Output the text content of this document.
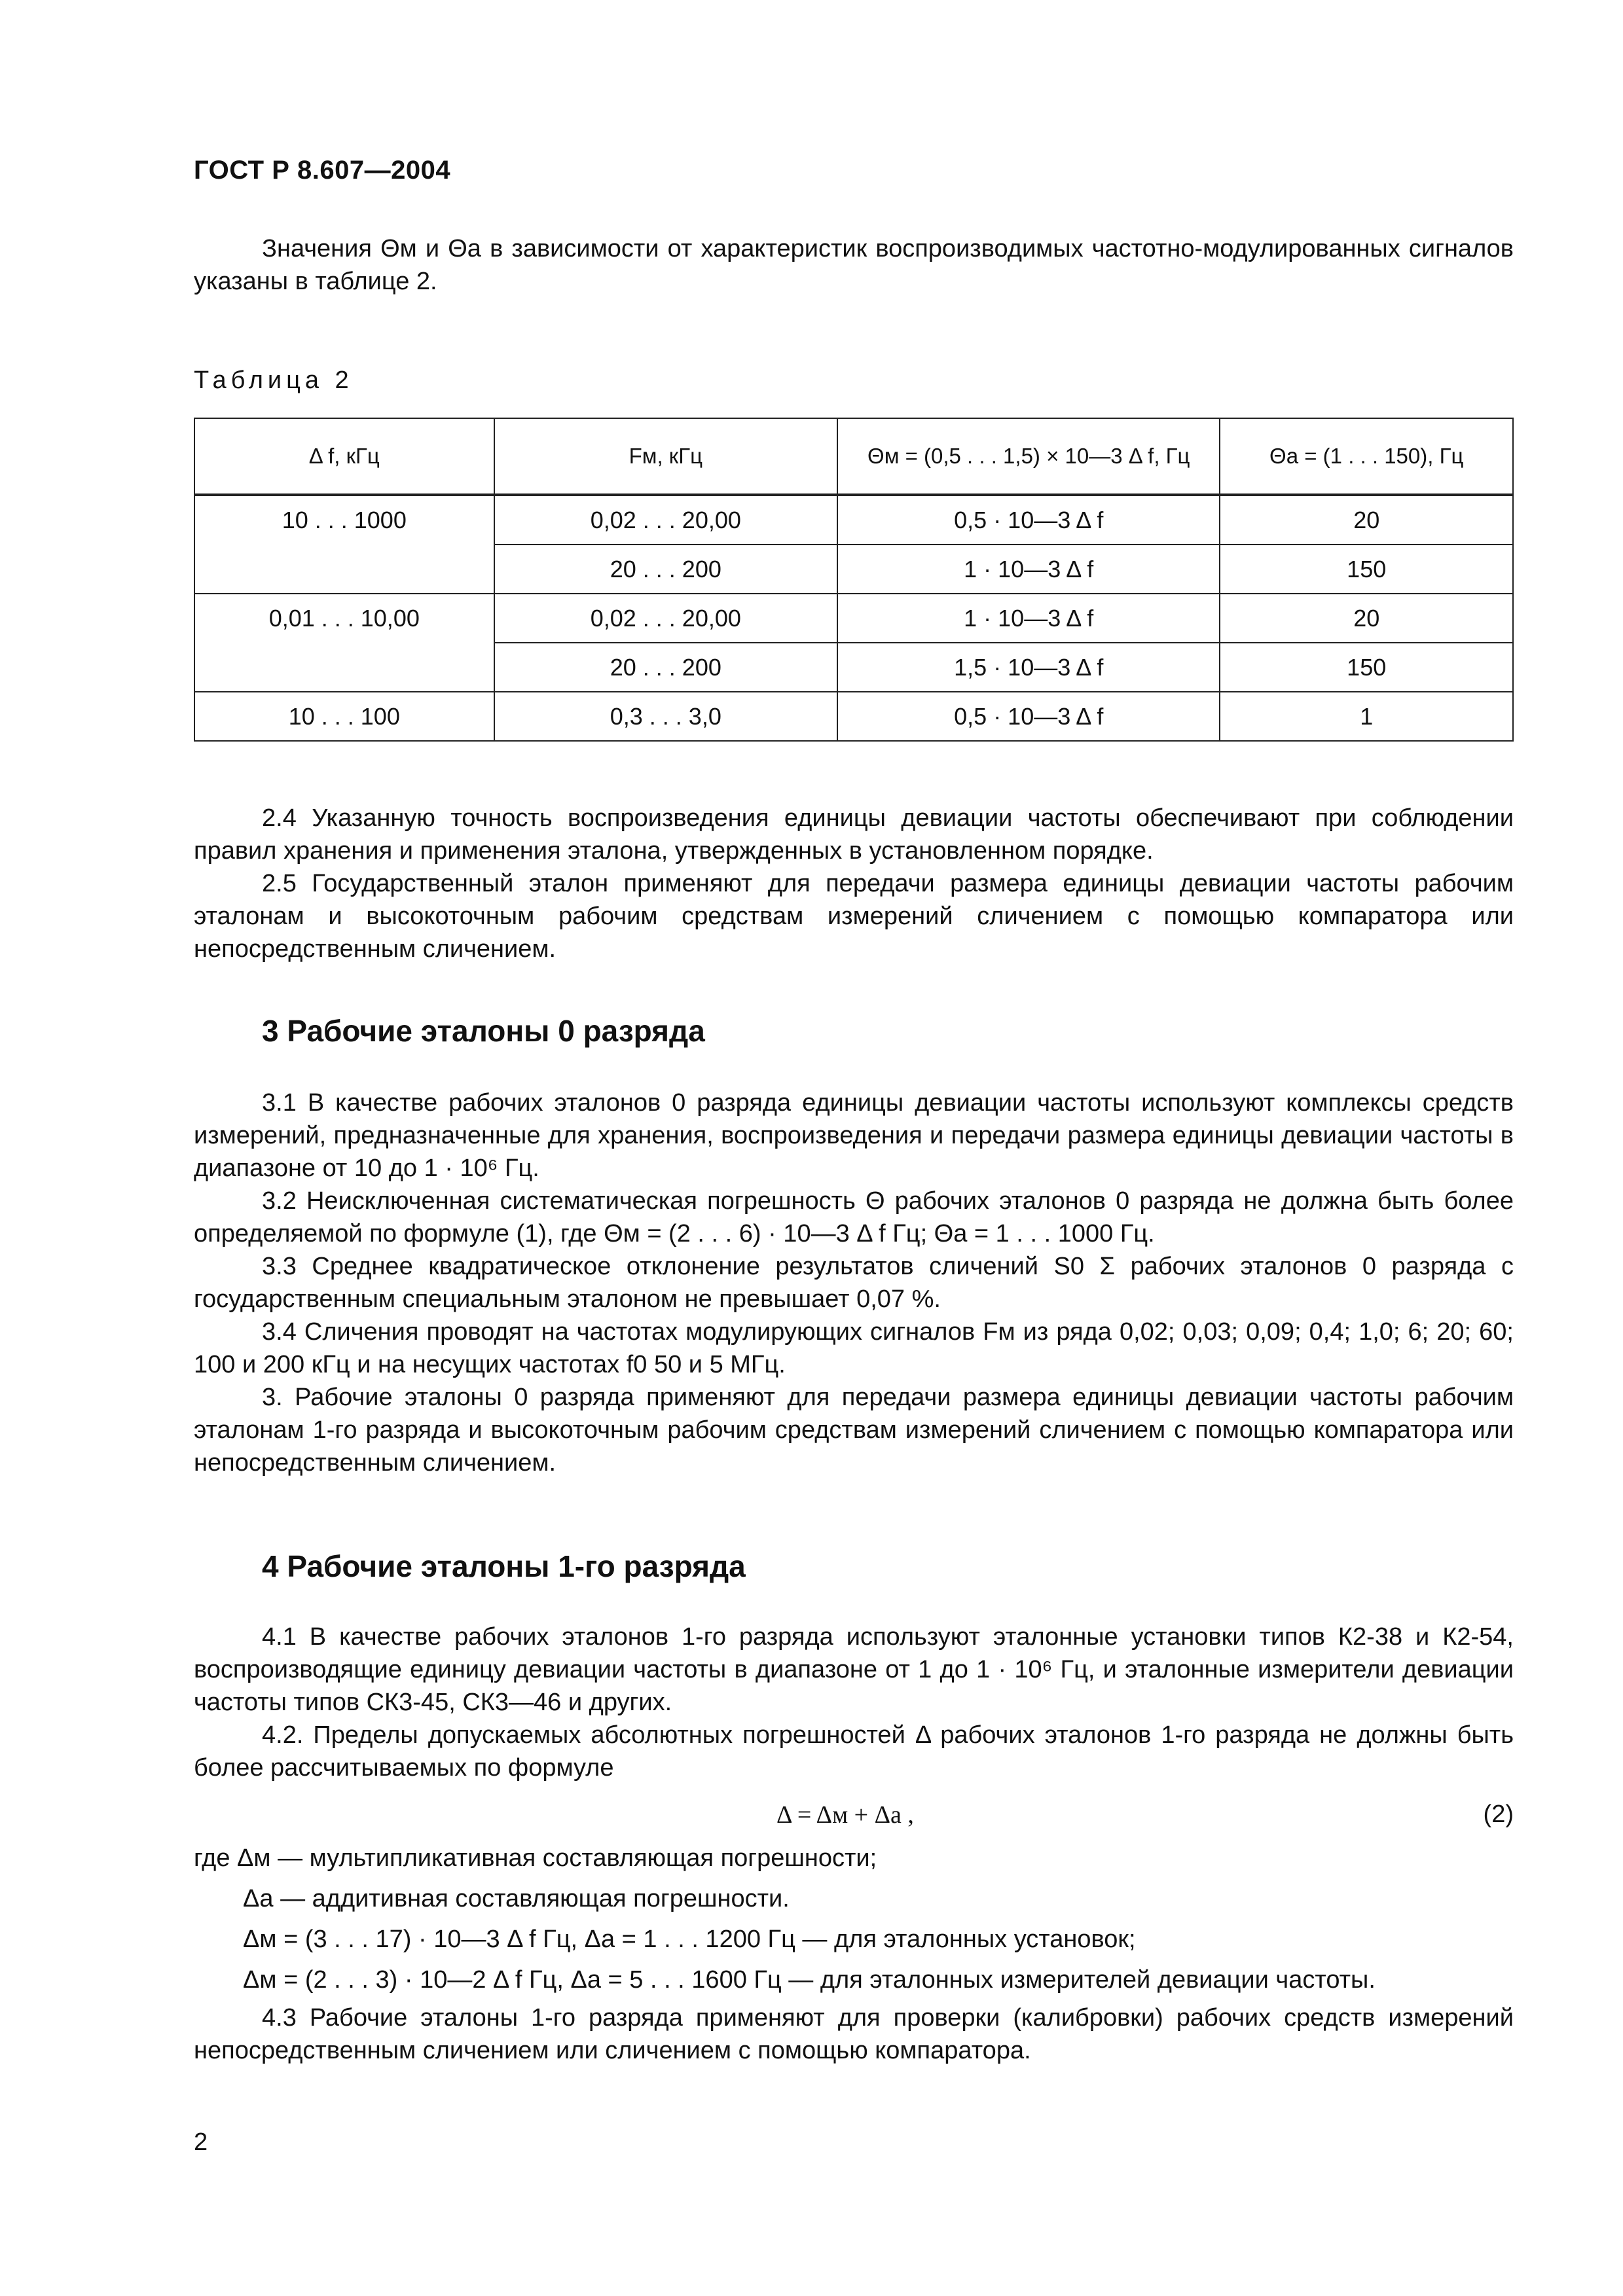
ГОСТ Р 8.607—2004

Значения Θм и Θа в зависимости от характеристик воспроизводимых частотно-модулированных сигналов указаны в таблице 2.

Таблица 2
Δ f, кГц	Fм, кГц	Θм = (0,5 . . . 1,5) × 10—3 Δ f, Гц	Θа = (1 . . . 150), Гц
10 . . . 1000	0,02 . . . 20,00	0,5 · 10—3 Δ f	20
	20 . . . 200	1 · 10—3 Δ f	150
0,01 . . . 10,00	0,02 . . . 20,00	1 · 10—3 Δ f	20
	20 . . . 200	1,5 · 10—3 Δ f	150
10 . . . 100	0,3 . . . 3,0	0,5 · 10—3 Δ f	1

2.4 Указанную точность воспроизведения единицы девиации частоты обеспечивают при соблюдении правил хранения и применения эталона, утвержденных в установленном порядке.

2.5 Государственный эталон применяют для передачи размера единицы девиации частоты рабочим эталонам и высокоточным рабочим средствам измерений сличением с помощью компаратора или непосредственным сличением.

3 Рабочие эталоны 0 разряда

3.1 В качестве рабочих эталонов 0 разряда единицы девиации частоты используют комплексы средств измерений, предназначенные для хранения, воспроизведения и передачи размера единицы девиации частоты в диапазоне от 10 до 1 · 10⁶ Гц.

3.2 Неисключенная систематическая погрешность Θ рабочих эталонов 0 разряда не должна быть более определяемой по формуле (1), где Θм = (2 . . . 6) · 10—3 Δ f Гц; Θа = 1 . . . 1000 Гц.

3.3 Среднее квадратическое отклонение результатов сличений S0 Σ рабочих эталонов 0 разряда с государственным специальным эталоном не превышает 0,07 %.

3.4 Сличения проводят на частотах модулирующих сигналов Fм из ряда 0,02; 0,03; 0,09; 0,4; 1,0; 6; 20; 60; 100 и 200 кГц и на несущих частотах f0 50 и 5 МГц.

3. Рабочие эталоны 0 разряда применяют для передачи размера единицы девиации частоты рабочим эталонам 1-го разряда и высокоточным рабочим средствам измерений сличением с помощью компаратора или непосредственным сличением.

4 Рабочие эталоны 1-го разряда

4.1 В качестве рабочих эталонов 1-го разряда используют эталонные установки типов К2-38 и К2-54, воспроизводящие единицу девиации частоты в диапазоне от 1 до 1 · 10⁶ Гц, и эталонные измерители девиации частоты типов СК3-45, СК3—46 и других.

4.2. Пределы допускаемых абсолютных погрешностей Δ рабочих эталонов 1-го разряда не должны быть более рассчитываемых по формуле

Δ = Δм + Δа ,	(2)
где Δм — мультипликативная составляющая погрешности;
Δа — аддитивная составляющая погрешности.
Δм = (3 . . . 17) · 10—3 Δ f Гц, Δа = 1 . . . 1200 Гц — для эталонных установок;
Δм = (2 . . . 3) · 10—2 Δ f Гц, Δа = 5 . . . 1600 Гц — для эталонных измерителей девиации частоты.

4.3 Рабочие эталоны 1-го разряда применяют для проверки (калибровки) рабочих средств измерений непосредственным сличением или сличением с помощью компаратора.

2
